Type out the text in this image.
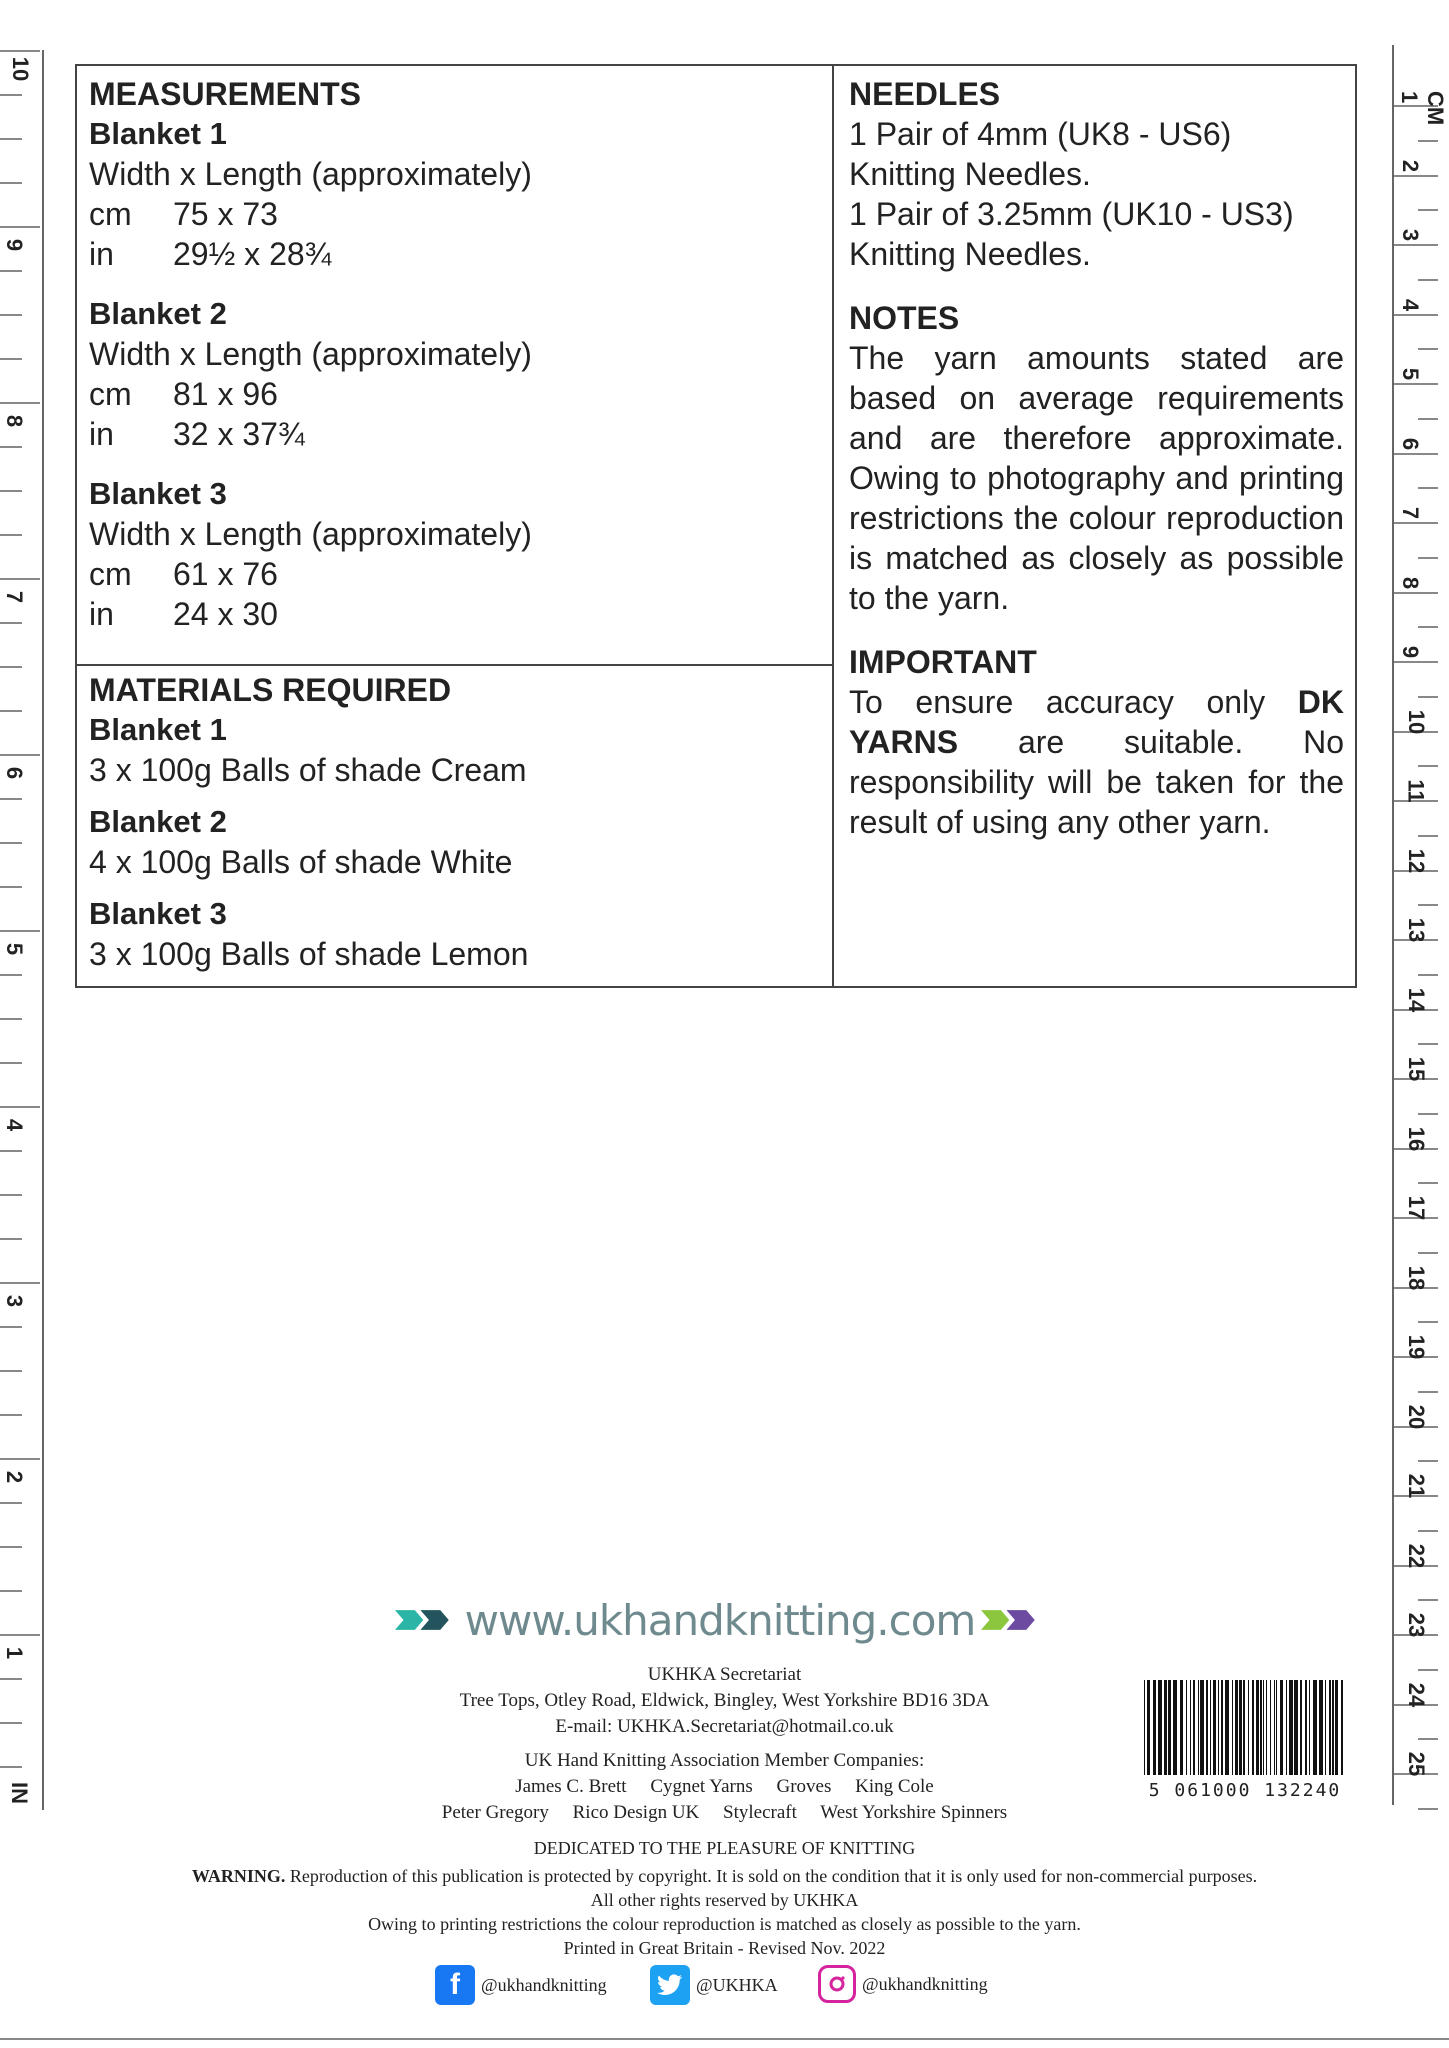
10
9
8
7
6
5
4
3
2
1
IN
CM 1
2
3
4
5
6
7
8
9
10
11
12
13
14
15
16
17
18
19
20
21
22
23
24
25
MEASUREMENTS
Blanket 1
Width x Length (approximately)
cm	75 x 73
in	29½ x 28¾
Blanket 2
Width x Length (approximately)
cm	81 x 96
in	32 x 37¾
Blanket 3
Width x Length (approximately)
cm	61 x 76
in	24 x 30
MATERIALS REQUIRED
Blanket 1
3 x 100g Balls of shade Cream
Blanket 2
4 x 100g Balls of shade White
Blanket 3
3 x 100g Balls of shade Lemon
NEEDLES
1 Pair of 4mm (UK8 - US6)
Knitting Needles.
1 Pair of 3.25mm (UK10 - US3)
Knitting Needles.
NOTES
The yarn amounts stated are based on average requirements and are therefore approximate. Owing to photography and printing restrictions the colour reproduction is matched as closely as possible to the yarn.
IMPORTANT
To ensure accuracy only DK YARNS are suitable. No responsibility will be taken for the result of using any other yarn.
www.ukhandknitting.com
UKHKA Secretariat
Tree Tops, Otley Road, Eldwick, Bingley, West Yorkshire BD16 3DA
E-mail: UKHKA.Secretariat@hotmail.co.uk
UK Hand Knitting Association Member Companies:
James C. Brett     Cygnet Yarns     Groves     King Cole
Peter Gregory     Rico Design UK     Stylecraft     West Yorkshire Spinners
5 061000 132240
DEDICATED TO THE PLEASURE OF KNITTING
WARNING. Reproduction of this publication is protected by copyright. It is sold on the condition that it is only used for non-commercial purposes.
All other rights reserved by UKHKA
Owing to printing restrictions the colour reproduction is matched as closely as possible to the yarn.
Printed in Great Britain - Revised Nov. 2022
f	@ukhandknitting	@UKHKA	@ukhandknitting
